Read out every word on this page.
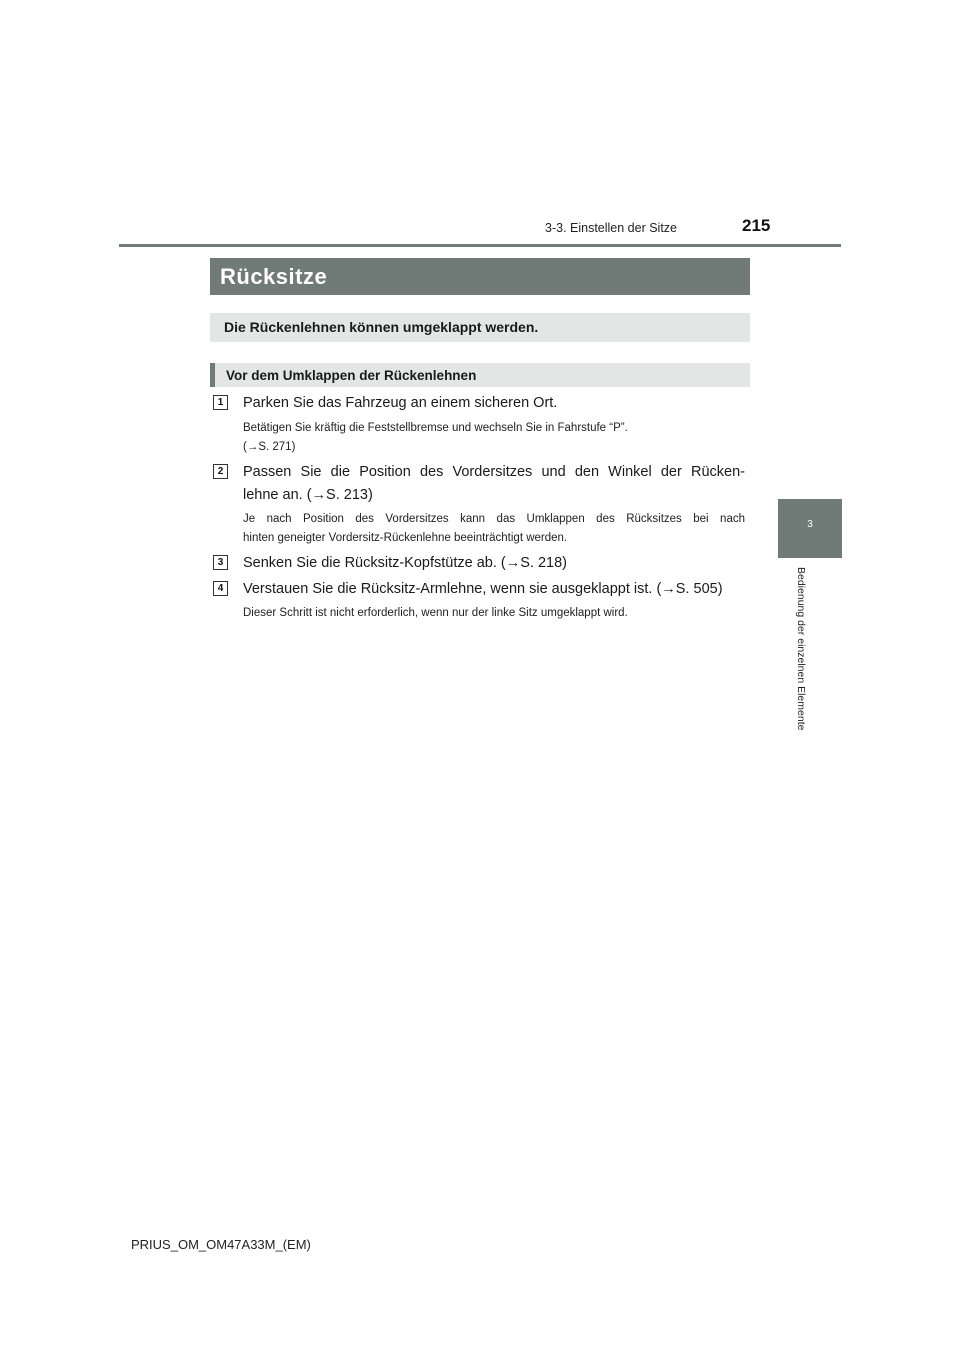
3-3. Einstellen der Sitze	215
3
Bedienung der einzelnen Elemente
Rücksitze
Die Rückenlehnen können umgeklappt werden.
Vor dem Umklappen der Rückenlehnen
1	Parken Sie das Fahrzeug an einem sicheren Ort.
Betätigen Sie kräftig die Feststellbremse und wechseln Sie in Fahrstufe “P”.
(→S. 271)
2	Passen Sie die Position des Vordersitzes und den Winkel der Rücken-
lehne an. (→S. 213)
Je nach Position des Vordersitzes kann das Umklappen des Rücksitzes bei nach
hinten geneigter Vordersitz-Rückenlehne beeinträchtigt werden.
3	Senken Sie die Rücksitz-Kopfstütze ab. (→S. 218)
4	Verstauen Sie die Rücksitz-Armlehne, wenn sie ausgeklappt ist. (→S. 505)
Dieser Schritt ist nicht erforderlich, wenn nur der linke Sitz umgeklappt wird.
PRIUS_OM_OM47A33M_(EM)
